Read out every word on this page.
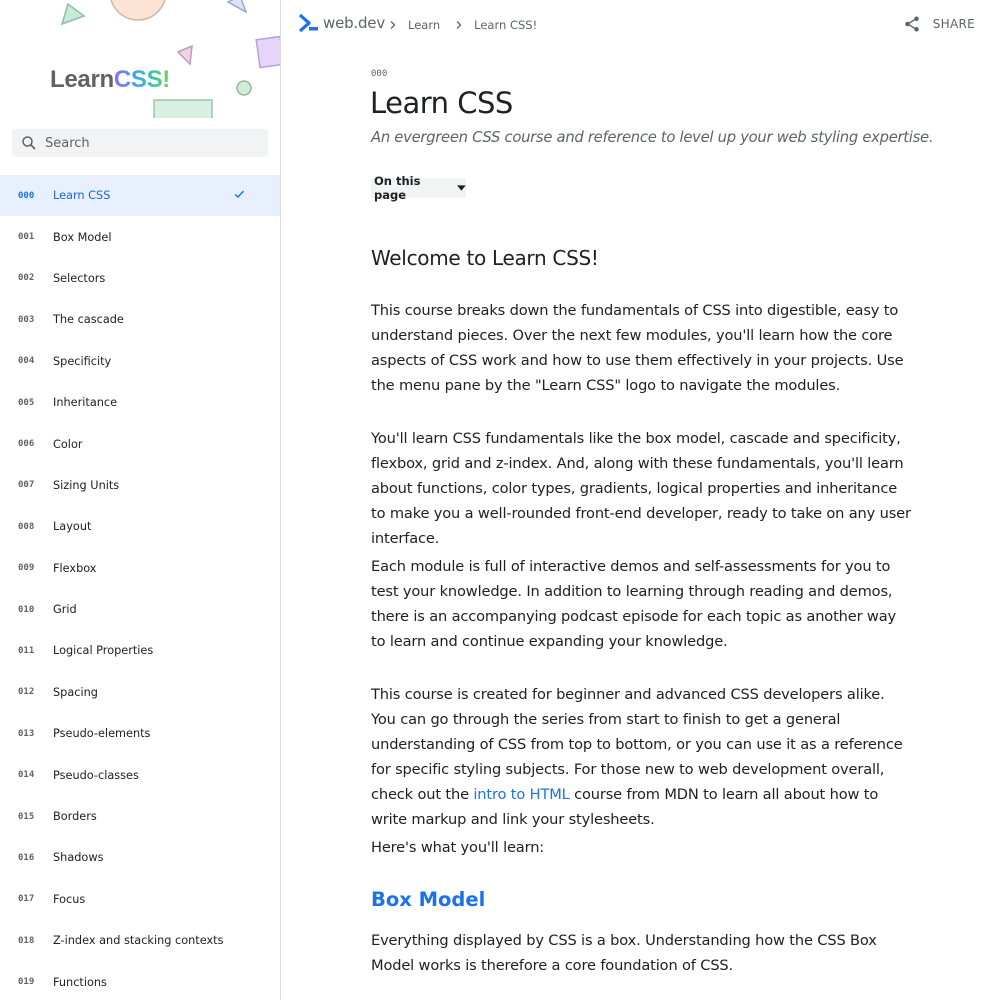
LearnCSS!
Search
000	Learn CSS
001	Box Model
002	Selectors
003	The cascade
004	Specificity
005	Inheritance
006	Color
007	Sizing Units
008	Layout
009	Flexbox
010	Grid
011	Logical Properties
012	Spacing
013	Pseudo-elements
014	Pseudo-classes
015	Borders
016	Shadows
017	Focus
018	Z-index and stacking contexts
019	Functions
web.dev Learn	Learn CSS!	SHARE
000
Learn CSS

An evergreen CSS course and reference to level up your web styling expertise.

On this page
Welcome to Learn CSS!

This course breaks down the fundamentals of CSS into digestible, easy to understand pieces. Over the next few modules, you'll learn how the core aspects of CSS work and how to use them effectively in your projects. Use the menu pane by the "Learn CSS" logo to navigate the modules.

You'll learn CSS fundamentals like the box model, cascade and specificity, flexbox, grid and z-index. And, along with these fundamentals, you'll learn about functions, color types, gradients, logical properties and inheritance to make you a well-rounded front-end developer, ready to take on any user interface.

Each module is full of interactive demos and self-assessments for you to test your knowledge. In addition to learning through reading and demos, there is an accompanying podcast episode for each topic as another way to learn and continue expanding your knowledge.

This course is created for beginner and advanced CSS developers alike. You can go through the series from start to finish to get a general understanding of CSS from top to bottom, or you can use it as a reference for specific styling subjects. For those new to web development overall, check out the intro to HTML course from MDN to learn all about how to write markup and link your stylesheets.

Here's what you'll learn:

Box Model

Everything displayed by CSS is a box. Understanding how the CSS Box Model works is therefore a core foundation of CSS.
